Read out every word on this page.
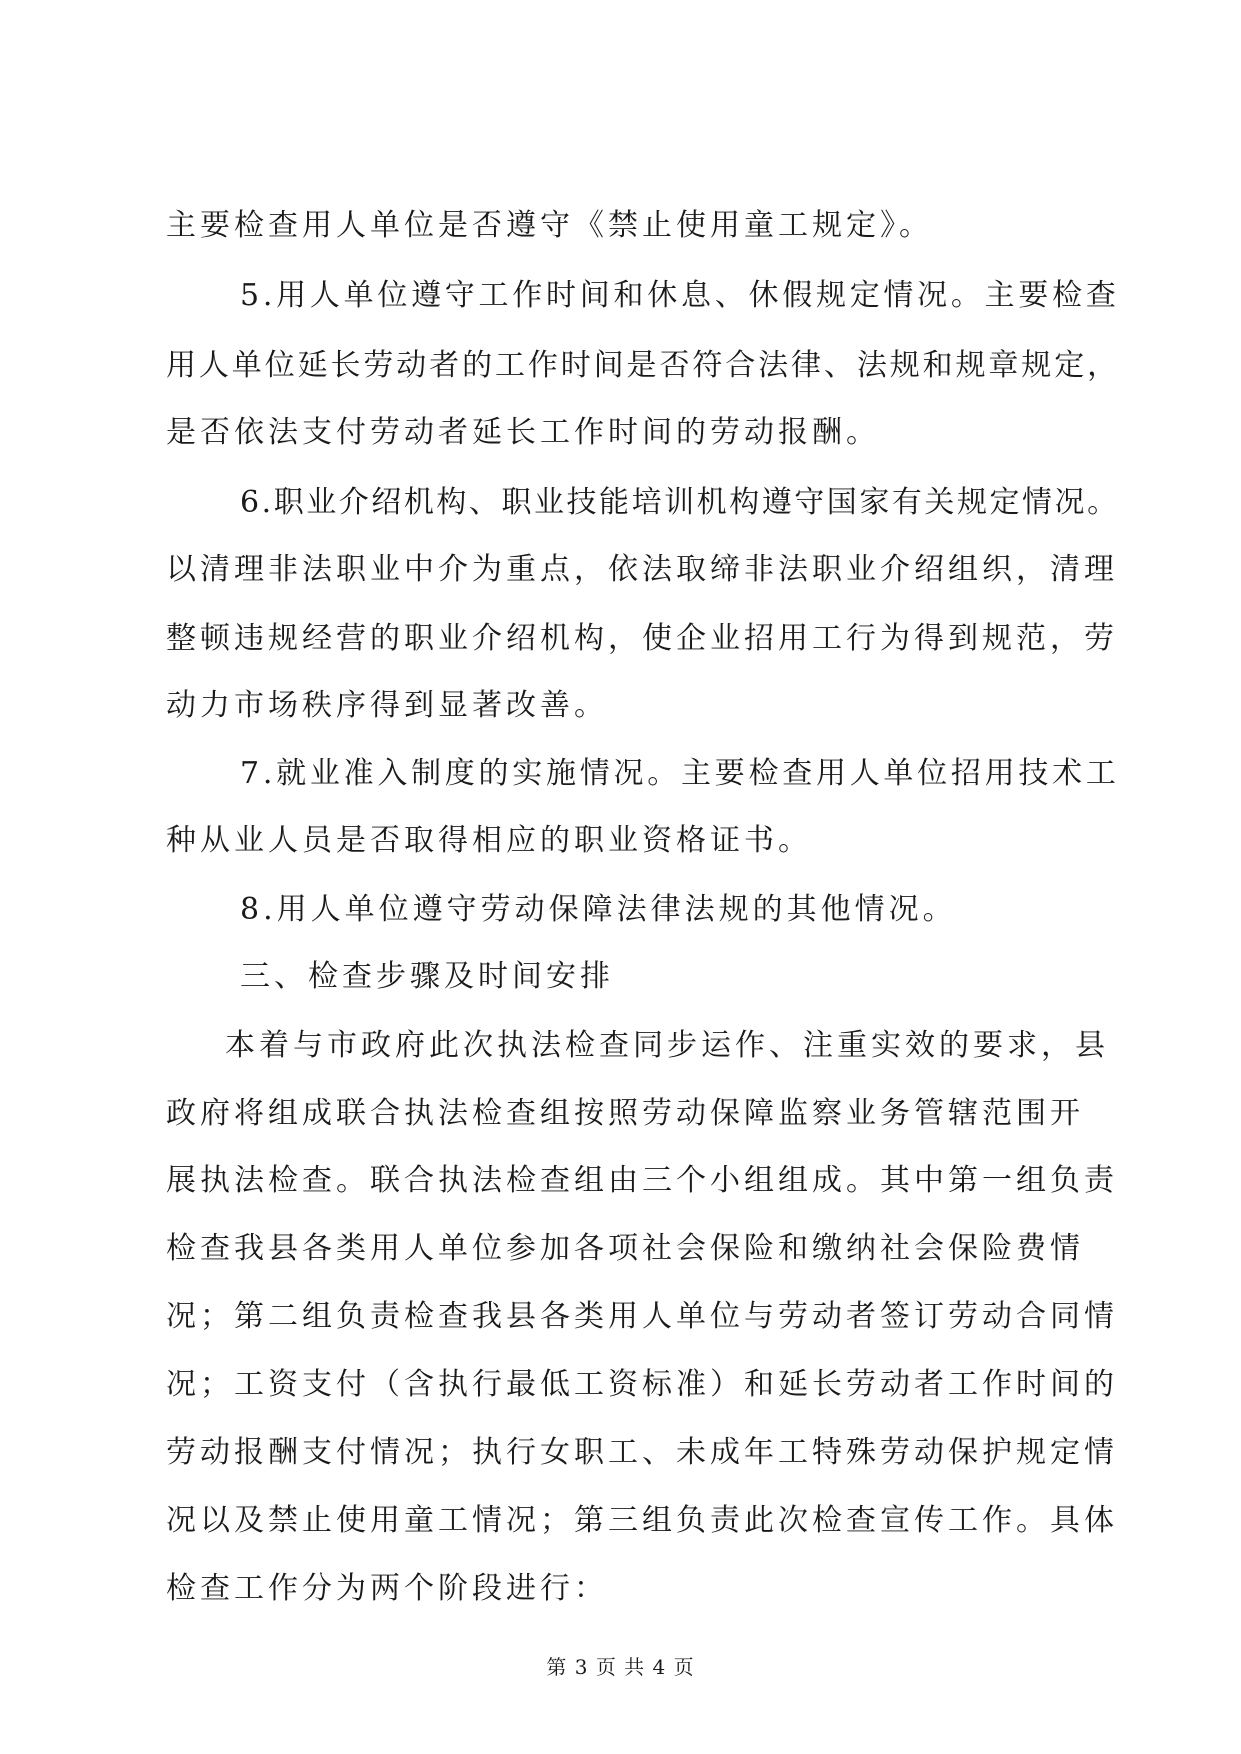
主要检查用人单位是否遵守《禁止使用童工规定》。
5.用人单位遵守工作时间和休息、休假规定情况。主要检查
用人单位延长劳动者的工作时间是否符合法律、法规和规章规定，
是否依法支付劳动者延长工作时间的劳动报酬。
6.职业介绍机构、职业技能培训机构遵守国家有关规定情况。
以清理非法职业中介为重点，依法取缔非法职业介绍组织，清理
整顿违规经营的职业介绍机构，使企业招用工行为得到规范，劳
动力市场秩序得到显著改善。
7.就业准入制度的实施情况。主要检查用人单位招用技术工
种从业人员是否取得相应的职业资格证书。
8.用人单位遵守劳动保障法律法规的其他情况。
三、检查步骤及时间安排
本着与市政府此次执法检查同步运作、注重实效的要求，县
政府将组成联合执法检查组按照劳动保障监察业务管辖范围开
展执法检查。联合执法检查组由三个小组组成。其中第一组负责
检查我县各类用人单位参加各项社会保险和缴纳社会保险费情
况；第二组负责检查我县各类用人单位与劳动者签订劳动合同情
况；工资支付（含执行最低工资标准）和延长劳动者工作时间的
劳动报酬支付情况；执行女职工、未成年工特殊劳动保护规定情
况以及禁止使用童工情况；第三组负责此次检查宣传工作。具体
检查工作分为两个阶段进行：
第 3 页 共 4 页
